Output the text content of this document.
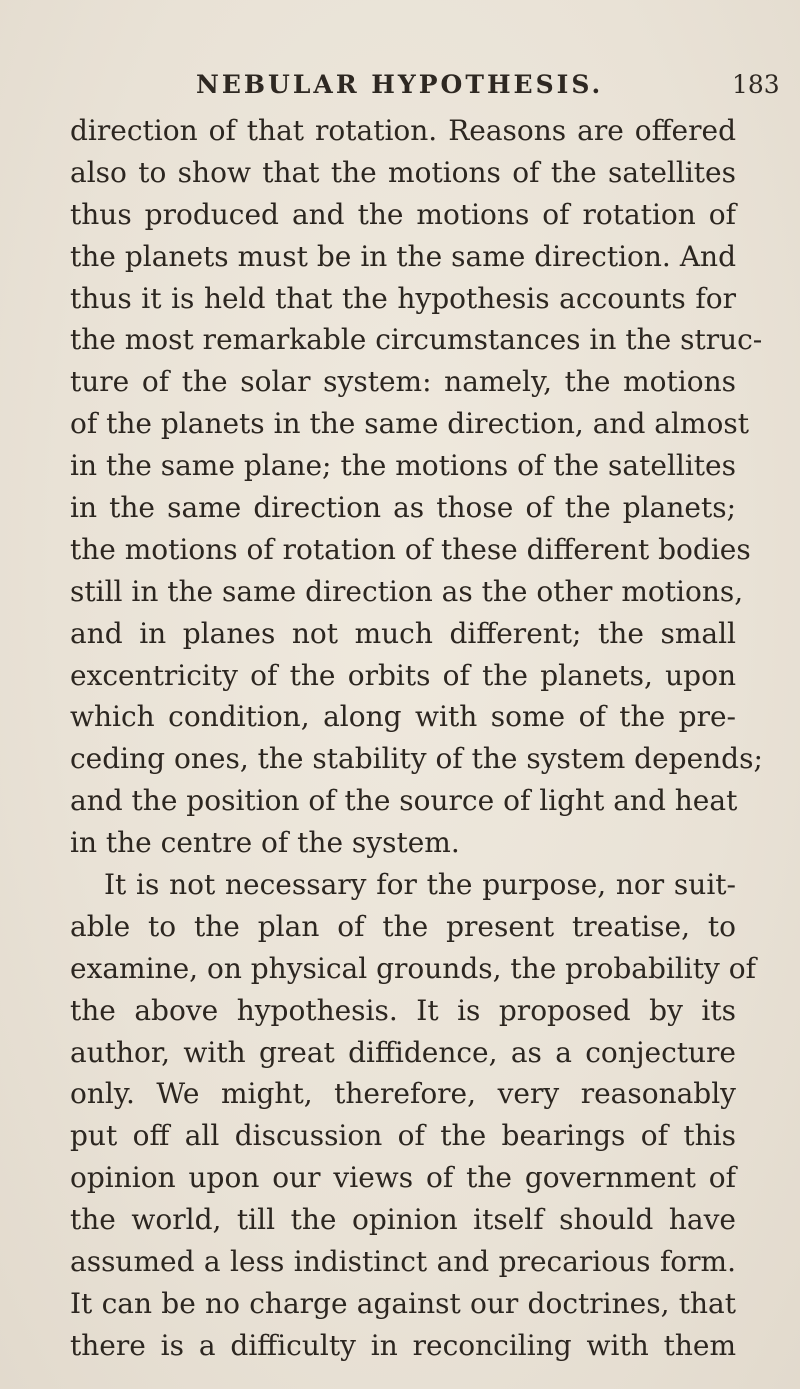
NEBULAR HYPOTHESIS.	183
direction of that rotation. Reasons are offered
also to show that the motions of the satellites
thus produced and the motions of rotation of
the planets must be in the same direction. And
thus it is held that the hypothesis accounts for
the most remarkable circumstances in the struc-
ture of the solar system: namely, the motions
of the planets in the same direction, and almost
in the same plane; the motions of the satellites
in the same direction as those of the planets;
the motions of rotation of these different bodies
still in the same direction as the other motions,
and in planes not much different; the small
excentricity of the orbits of the planets, upon
which condition, along with some of the pre-
ceding ones, the stability of the system depends;
and the position of the source of light and heat
in the centre of the system.
It is not necessary for the purpose, nor suit-
able to the plan of the present treatise, to
examine, on physical grounds, the probability of
the above hypothesis. It is proposed by its
author, with great diffidence, as a conjecture
only. We might, therefore, very reasonably
put off all discussion of the bearings of this
opinion upon our views of the government of
the world, till the opinion itself should have
assumed a less indistinct and precarious form.
It can be no charge against our doctrines, that
there is a difficulty in reconciling with them
